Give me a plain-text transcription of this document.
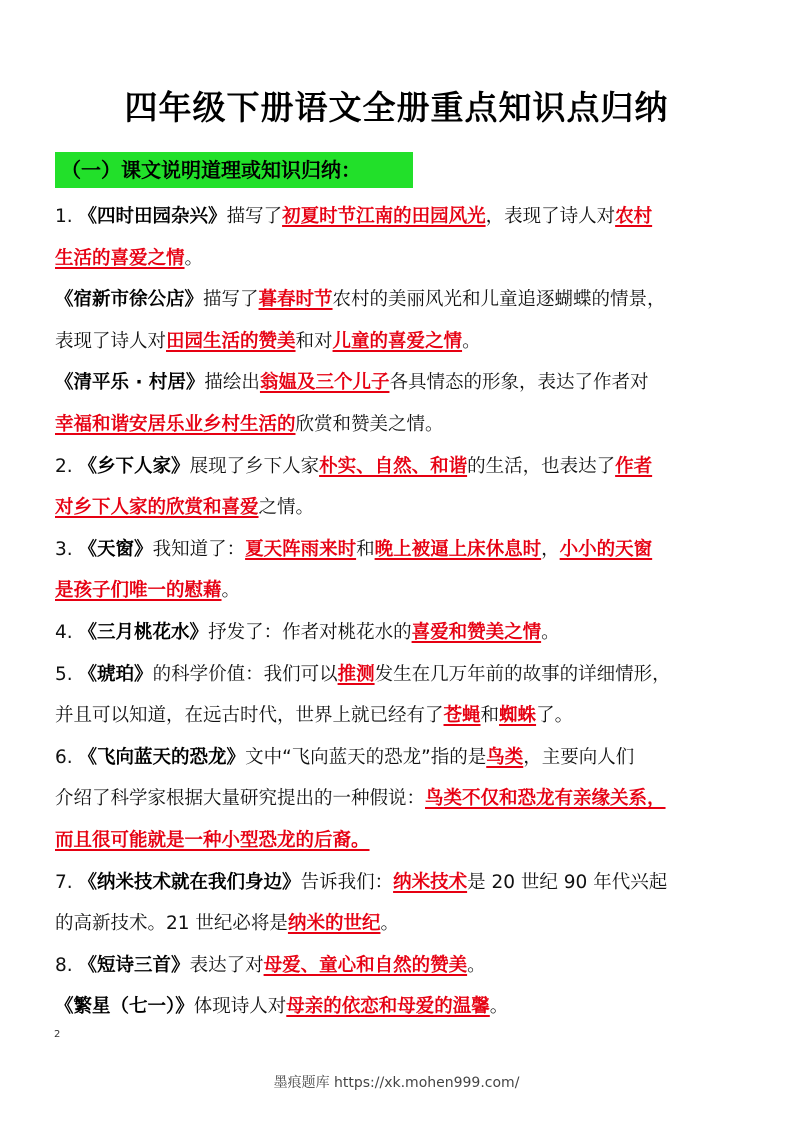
四年级下册语文全册重点知识点归纳
（一）课文说明道理或知识归纳：
1. 《四时田园杂兴》描写了初夏时节江南的田园风光，表现了诗人对农村
生活的喜爱之情。
《宿新市徐公店》描写了暮春时节农村的美丽风光和儿童追逐蝴蝶的情景，
表现了诗人对田园生活的赞美和对儿童的喜爱之情。
《清平乐 · 村居》描绘出翁媪及三个儿子各具情态的形象，表达了作者对
幸福和谐安居乐业乡村生活的欣赏和赞美之情。
2. 《乡下人家》展现了乡下人家朴实、自然、和谐的生活，也表达了作者
对乡下人家的欣赏和喜爱之情。
3. 《天窗》我知道了：夏天阵雨来时和晚上被逼上床休息时，小小的天窗
是孩子们唯一的慰藉。
4. 《三月桃花水》抒发了：作者对桃花水的喜爱和赞美之情。
5. 《琥珀》的科学价值：我们可以推测发生在几万年前的故事的详细情形，
并且可以知道，在远古时代，世界上就已经有了苍蝇和蜘蛛了。
6. 《飞向蓝天的恐龙》文中“飞向蓝天的恐龙”指的是鸟类，主要向人们
介绍了科学家根据大量研究提出的一种假说：鸟类不仅和恐龙有亲缘关系，
而且很可能就是一种小型恐龙的后裔。
7. 《纳米技术就在我们身边》告诉我们：纳米技术是 20 世纪 90 年代兴起
的高新技术。21 世纪必将是纳米的世纪。
8. 《短诗三首》表达了对母爱、童心和自然的赞美。
《繁星（七一）》体现诗人对母亲的依恋和母爱的温馨。
2
墨痕题库 https://xk.mohen999.com/
